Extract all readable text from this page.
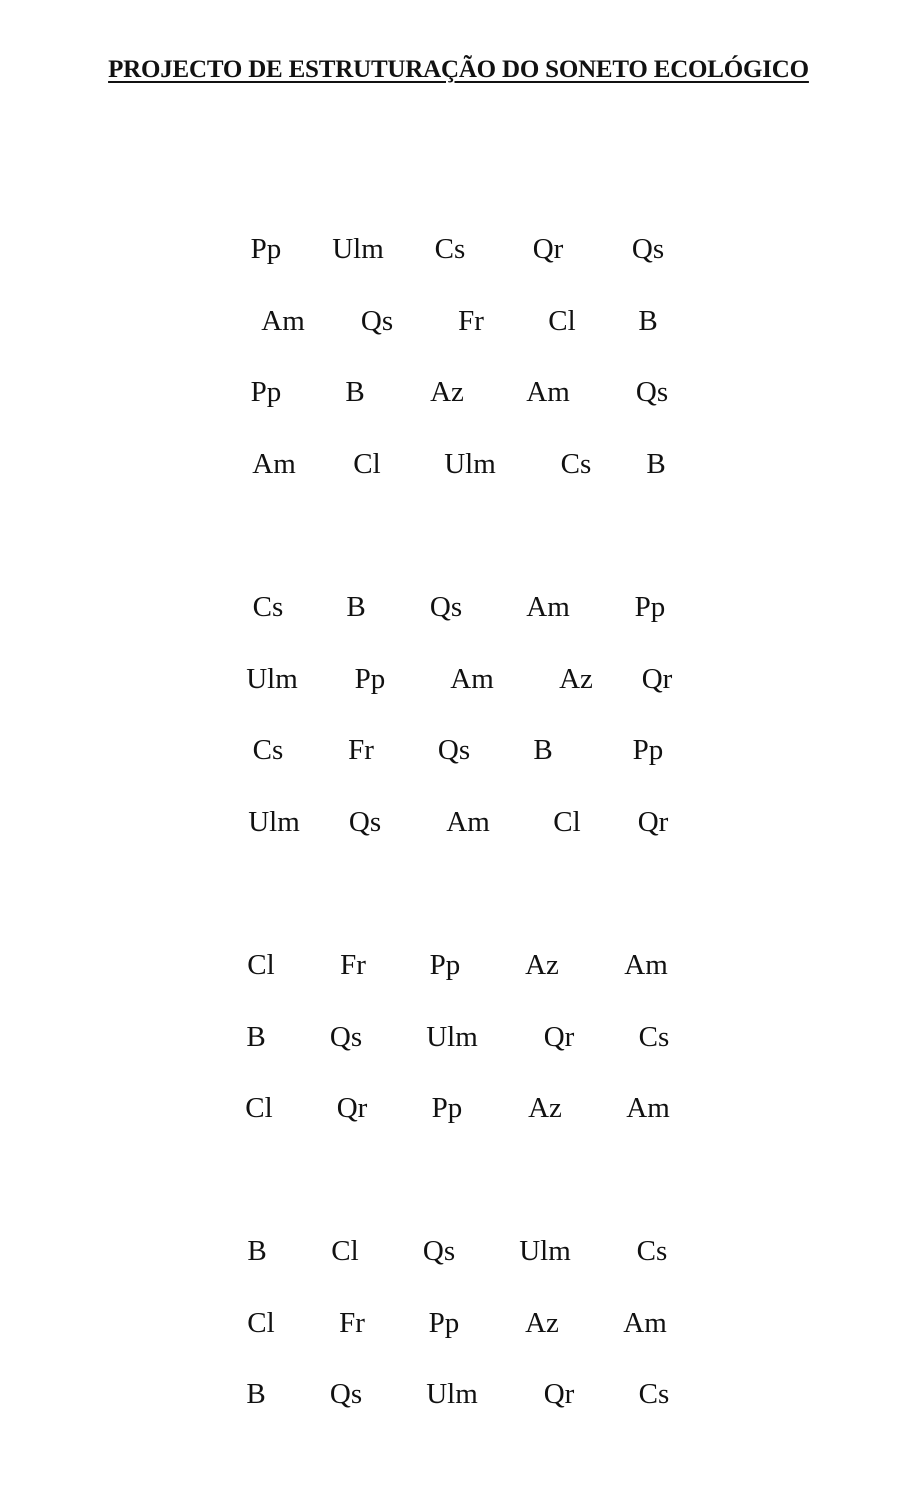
PROJECTO DE ESTRUTURAÇÃO DO SONETO ECOLÓGICO
Pp Ulm Cs Qr Qs
Am Qs Fr Cl B
Pp B Az Am Qs
Am Cl Ulm Cs B
Cs B Qs Am Pp
Ulm Pp Am Az Qr
Cs Fr Qs B	Pp
Ulm Qs Am Cl Qr
Cl Fr Pp Az Am
B Qs Ulm Qr Cs
Cl Qr Pp Az Am
B Cl Qs Ulm Cs
Cl Fr Pp Az Am
B Qs Ulm Qr Cs
